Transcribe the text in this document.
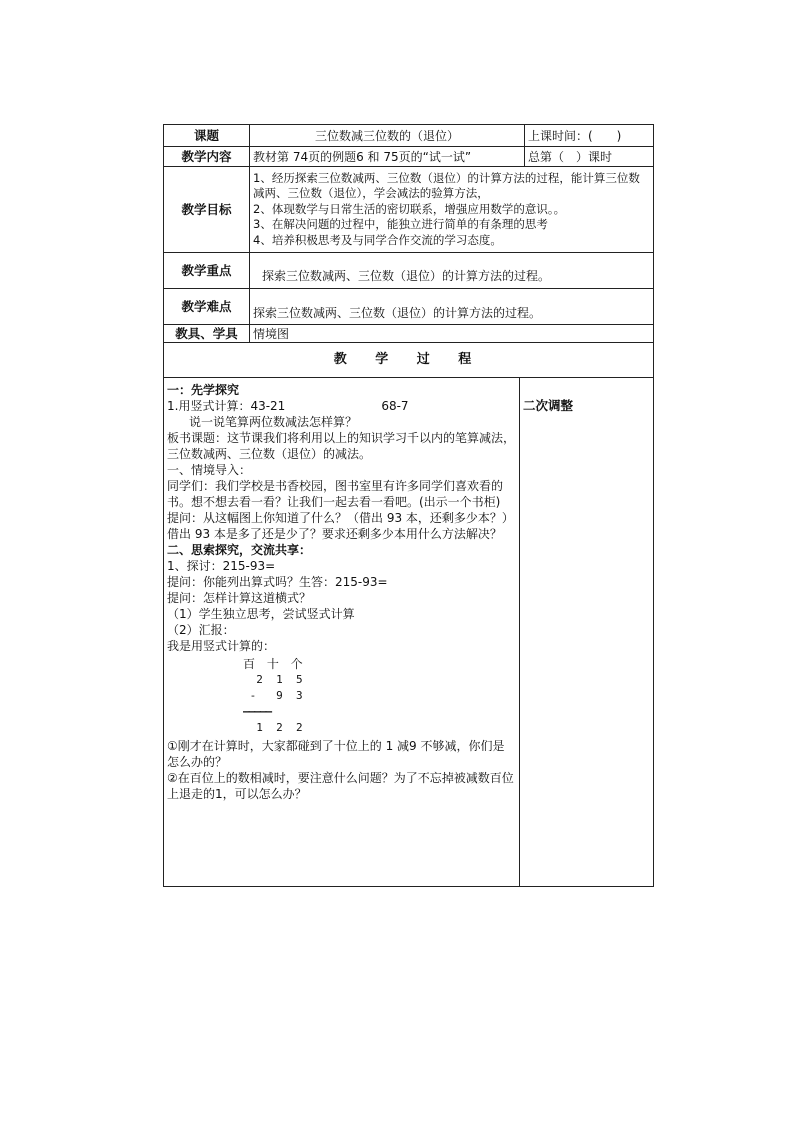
课题	三位数减三位数的（退位）	上课时间：(　　)
教学内容	教材第 74页的例题6 和 75页的“试一试”	总第（　）课时
教学目标	1、经历探索三位数减两、三位数（退位）的计算方法的过程，能计算三位数减两、三位数（退位），学会减法的验算方法，

2、体现数学与日常生活的密切联系，增强应用数学的意识。。

3、在解决问题的过程中，能独立进行简单的有条理的思考

4、培养积极思考及与同学合作交流的学习态度。	

教学重点	探索三位数减两、三位数（退位）的计算方法的过程。	
教学难点	探索三位数减两、三位数（退位）的计算方法的过程。	
教具、学具	情境图	
教 学 过 程

一：先学探究

1.用竖式计算：43-21	68-7

说一说笔算两位数减法怎样算？

板书课题：这节课我们将利用以上的知识学习千以内的笔算减法，三位数减两、三位数（退位）的减法。

一、情境导入：

同学们：我们学校是书香校园，图书室里有许多同学们喜欢看的书。想不想去看一看？让我们一起去看一看吧。(出示一个书柜)

提问：从这幅图上你知道了什么？（借出 93 本，还剩多少本？）

借出 93 本是多了还是少了？要求还剩多少本用什么方法解决？

二、思索探究，交流共享：

1、探讨：215-93=

提问：你能列出算式吗？生答：215-93=

提问：怎样计算这道横式？

（1）学生独立思考，尝试竖式计算

（2）汇报：

我是用竖式计算的：

百 十 个
2  1  5
-   9  3
—————
1  2  2

①刚才在计算时，大家都碰到了十位上的 1 减9 不够减，你们是怎么办的？

②在百位上的数相减时，要注意什么问题？为了不忘掉被减数百位上退走的1，可以怎么办？

	二次调整
